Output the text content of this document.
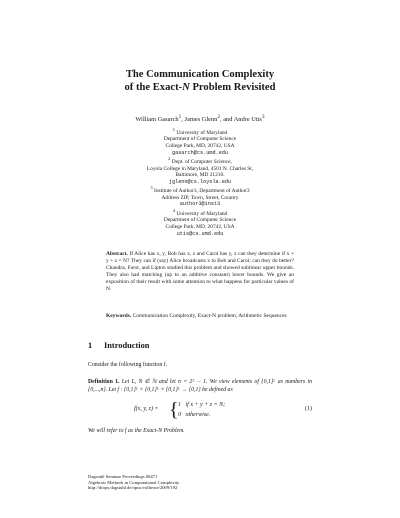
The Communication Complexity
of the Exact-N Problem Revisited
William Gasarch$^1$, James Glenn$^2$, and Andre Utis$^3$
$^1$ University of Maryland
Department of Computer Science
College Park, MD, 20742, USA
gasarch@cs.umd.edu
$^2$ Dept. of Computer Science,
Loyola College in Maryland, 4501 N. Charles St,
Baltimore, MD 21210.
jglenn@cs.loyola.edu
$^3$ Institute of Author3, Department of Author3
Address ZIP, Town, Street, Country
author3@inst3
$^4$ University of Maryland
Department of Computer Science
College Park, MD, 20742, USA
utis@cs.umd.edu
Abstract. If Alice has x, y, Bob has x, z and Carol has y, z can they determine if x + y + z = N? They can if (say) Alice broadcasts x to Bob and Carol; can they do better? Chandra, Furst, and Lipton studied this problem and showed sublinear upper bounds. They also had matching (up to an additive constant) lower bounds. We give an exposition of their result with some attention to what happens for particular values of N.
Keywords. Communication Complexity, Exact-N problem, Arithmetic Sequences
1 Introduction
Consider the following function f.
Definition 1. Let L, N ∈ ℕ and let n = 2ᴸ − 1. We view elements of {0,1}ᴸ as numbers in {0,...,n}. Let f : {0,1}ᴸ × {0,1}ᴸ × {0,1}ᴸ → {0,1} be defined as
f(x, y, z) = { 1 if x + y + z = N;
0 otherwise.
(1)
We will refer to f as the Exact-N Problem.
Dagstuhl Seminar Proceedings 06471
Algebraic Methods in Computational Complexity
http://drops.dagstuhl.de/opus/volltexte/2009/192
